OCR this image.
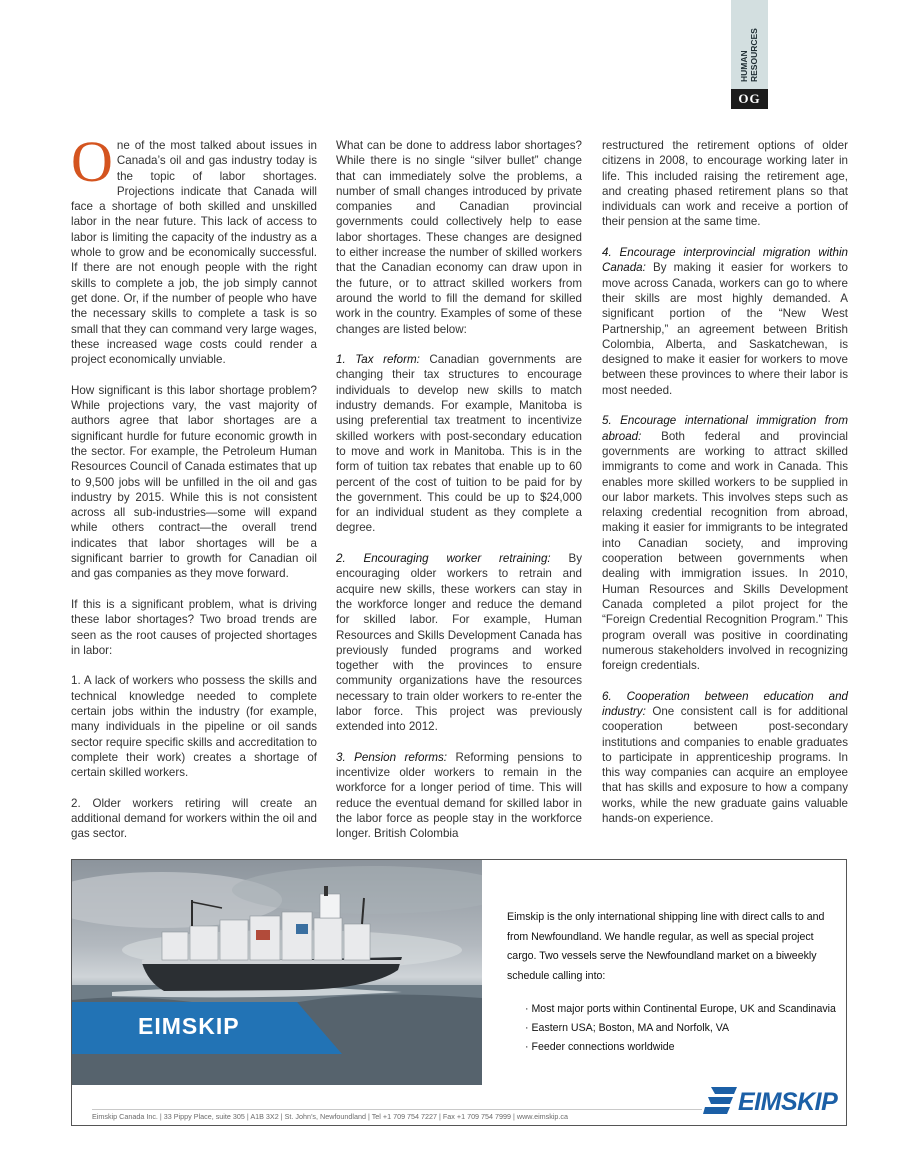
HUMAN
RESOURCES
OG

One of the most talked about issues in Canada’s oil and gas industry today is the topic of labor shortages. Projections indicate that Canada will face a shortage of both skilled and unskilled labor in the near future. This lack of access to labor is limiting the capacity of the industry as a whole to grow and be economically successful. If there are not enough people with the right skills to complete a job, the job simply cannot get done. Or, if the number of people who have the necessary skills to complete a task is so small that they can command very large wages, these increased wage costs could render a project economically unviable.

How significant is this labor shortage problem? While projections vary, the vast majority of authors agree that labor shortages are a significant hurdle for future economic growth in the sector. For example, the Petroleum Human Resources Council of Canada estimates that up to 9,500 jobs will be unfilled in the oil and gas industry by 2015. While this is not consistent across all sub-industries—some will expand while others contract—the overall trend indicates that labor shortages will be a significant barrier to growth for Canadian oil and gas companies as they move forward.

If this is a significant problem, what is driving these labor shortages? Two broad trends are seen as the root causes of projected shortages in labor:

1. A lack of workers who possess the skills and technical knowledge needed to complete certain jobs within the industry (for example, many individuals in the pipeline or oil sands sector require specific skills and accreditation to complete their work) creates a shortage of certain skilled workers.

2. Older workers retiring will create an additional demand for workers within the oil and gas sector.

What can be done to address labor shortages? While there is no single “silver bullet” change that can immediately solve the problems, a number of small changes introduced by private companies and Canadian provincial governments could collectively help to ease labor shortages. These changes are designed to either increase the number of skilled workers that the Canadian economy can draw upon in the future, or to attract skilled workers from around the world to fill the demand for skilled work in the country. Examples of some of these changes are listed below:

1. Tax reform: Canadian governments are changing their tax structures to encourage individuals to develop new skills to match industry demands. For example, Manitoba is using preferential tax treatment to incentivize skilled workers with post-secondary education to move and work in Manitoba. This is in the form of tuition tax rebates that enable up to 60 percent of the cost of tuition to be paid for by the government. This could be up to $24,000 for an individual student as they complete a degree.

2. Encouraging worker retraining: By encouraging older workers to retrain and acquire new skills, these workers can stay in the workforce longer and reduce the demand for skilled labor. For example, Human Resources and Skills Development Canada has previously funded programs and worked together with the provinces to ensure community organizations have the resources necessary to train older workers to re-enter the labor force. This project was previously extended into 2012.

3. Pension reforms: Reforming pensions to incentivize older workers to remain in the workforce for a longer period of time. This will reduce the eventual demand for skilled labor in the labor force as people stay in the workforce longer. British Colombia

restructured the retirement options of older citizens in 2008, to encourage working later in life. This included raising the retirement age, and creating phased retirement plans so that individuals can work and receive a portion of their pension at the same time.

4. Encourage interprovincial migration within Canada: By making it easier for workers to move across Canada, workers can go to where their skills are most highly demanded. A significant portion of the “New West Partnership,” an agreement between British Colombia, Alberta, and Saskatchewan, is designed to make it easier for workers to move between these provinces to where their labor is most needed.

5. Encourage international immigration from abroad: Both federal and provincial governments are working to attract skilled immigrants to come and work in Canada. This enables more skilled workers to be supplied in our labor markets. This involves steps such as relaxing credential recognition from abroad, making it easier for immigrants to be integrated into Canadian society, and improving cooperation between governments when dealing with immigration issues. In 2010, Human Resources and Skills Development Canada completed a pilot project for the “Foreign Credential Recognition Program.” This program overall was positive in coordinating numerous stakeholders involved in recognizing foreign credentials.

6. Cooperation between education and industry: One consistent call is for additional cooperation between post-secondary institutions and companies to enable graduates to participate in apprenticeship programs. In this way companies can acquire an employee that has skills and exposure to how a company works, while the new graduate gains valuable hands-on experience.

EIMSKIP
Eimskip is the only international shipping line with direct calls to and from Newfoundland. We handle regular, as well as special project cargo. Two vessels serve the Newfoundland market on a biweekly schedule calling into:
· Most major ports within Continental Europe, UK and Scandinavia
· Eastern USA; Boston, MA and Norfolk, VA
· Feeder connections worldwide
Eimskip Canada Inc. | 33 Pippy Place, suite 305 | A1B 3X2 | St. John’s, Newfoundland | Tel +1 709 754 7227 | Fax +1 709 754 7999 | www.eimskip.ca
EIMSKIP
